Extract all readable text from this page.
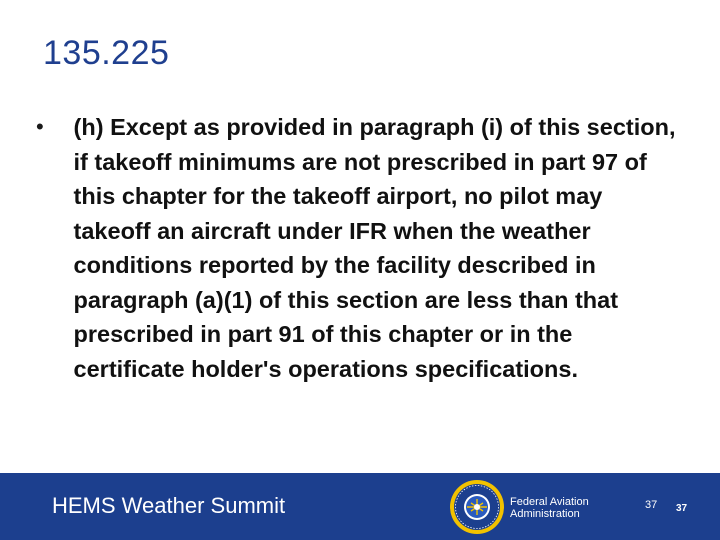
135.225
•	(h) Except as provided in paragraph (i) of this section, if takeoff minimums are not prescribed in part 97 of this chapter for the takeoff airport, no pilot may takeoff an aircraft under IFR when the weather conditions reported by the facility described in paragraph (a)(1) of this section are less than that prescribed in part 91 of this chapter or in the certificate holder's operations specifications.
HEMS Weather Summit	Federal Aviation
Administration
37 37
